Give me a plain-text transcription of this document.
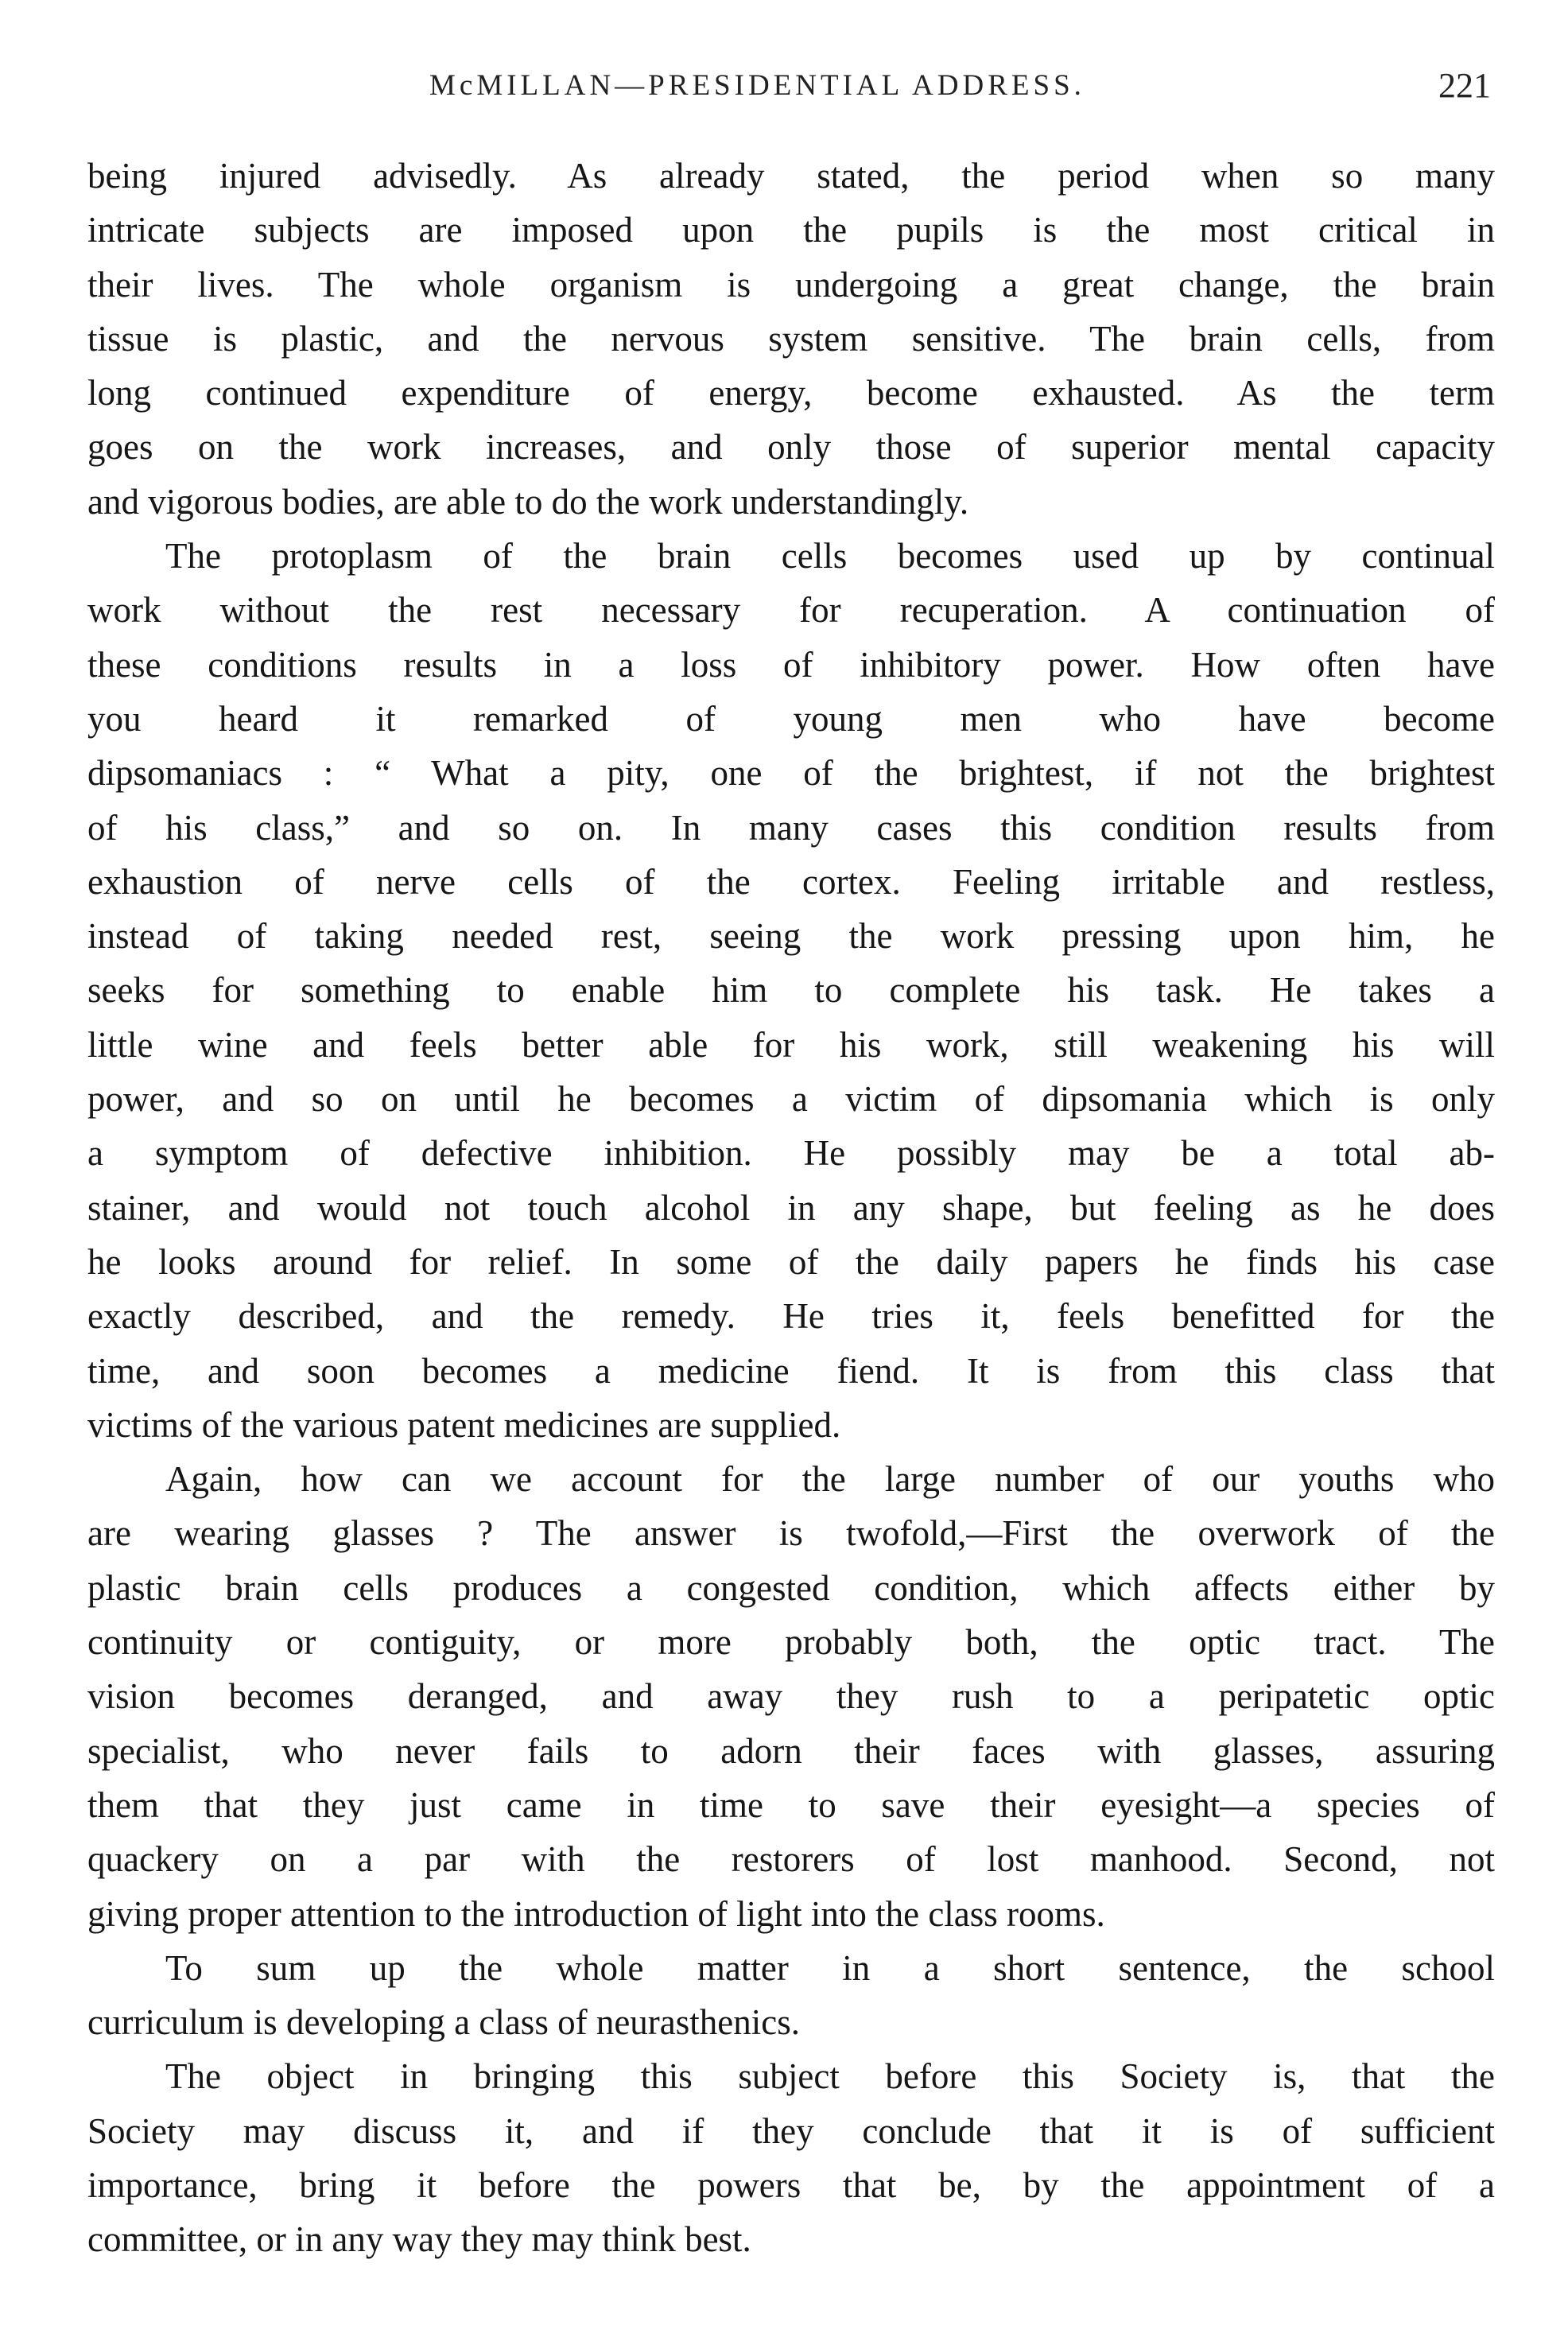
McMILLAN—PRESIDENTIAL ADDRESS.	221
being injured advisedly. As already stated, the period when so many
intricate subjects are imposed upon the pupils is the most critical in
their lives. The whole organism is undergoing a great change, the brain
tissue is plastic, and the nervous system sensitive. The brain cells, from
long continued expenditure of energy, become exhausted. As the term
goes on the work increases, and only those of superior mental capacity
and vigorous bodies, are able to do the work understandingly.
The protoplasm of the brain cells becomes used up by continual
work without the rest necessary for recuperation. A continuation of
these conditions results in a loss of inhibitory power. How often have
you heard it remarked of young men who have become
dipsomaniacs : “ What a pity, one of the brightest, if not the brightest
of his class,” and so on. In many cases this condition results from
exhaustion of nerve cells of the cortex. Feeling irritable and restless,
instead of taking needed rest, seeing the work pressing upon him, he
seeks for something to enable him to complete his task. He takes a
little wine and feels better able for his work, still weakening his will
power, and so on until he becomes a victim of dipsomania which is only
a symptom of defective inhibition. He possibly may be a total ab-
stainer, and would not touch alcohol in any shape, but feeling as he does
he looks around for relief. In some of the daily papers he finds his case
exactly described, and the remedy. He tries it, feels benefitted for the
time, and soon becomes a medicine fiend. It is from this class that
victims of the various patent medicines are supplied.
Again, how can we account for the large number of our youths who
are wearing glasses ? The answer is twofold,—First the overwork of the
plastic brain cells produces a congested condition, which affects either by
continuity or contiguity, or more probably both, the optic tract. The
vision becomes deranged, and away they rush to a peripatetic optic
specialist, who never fails to adorn their faces with glasses, assuring
them that they just came in time to save their eyesight—a species of
quackery on a par with the restorers of lost manhood. Second, not
giving proper attention to the introduction of light into the class rooms.
To sum up the whole matter in a short sentence, the school
curriculum is developing a class of neurasthenics.
The object in bringing this subject before this Society is, that the
Society may discuss it, and if they conclude that it is of sufficient
importance, bring it before the powers that be, by the appointment of a
committee, or in any way they may think best.
